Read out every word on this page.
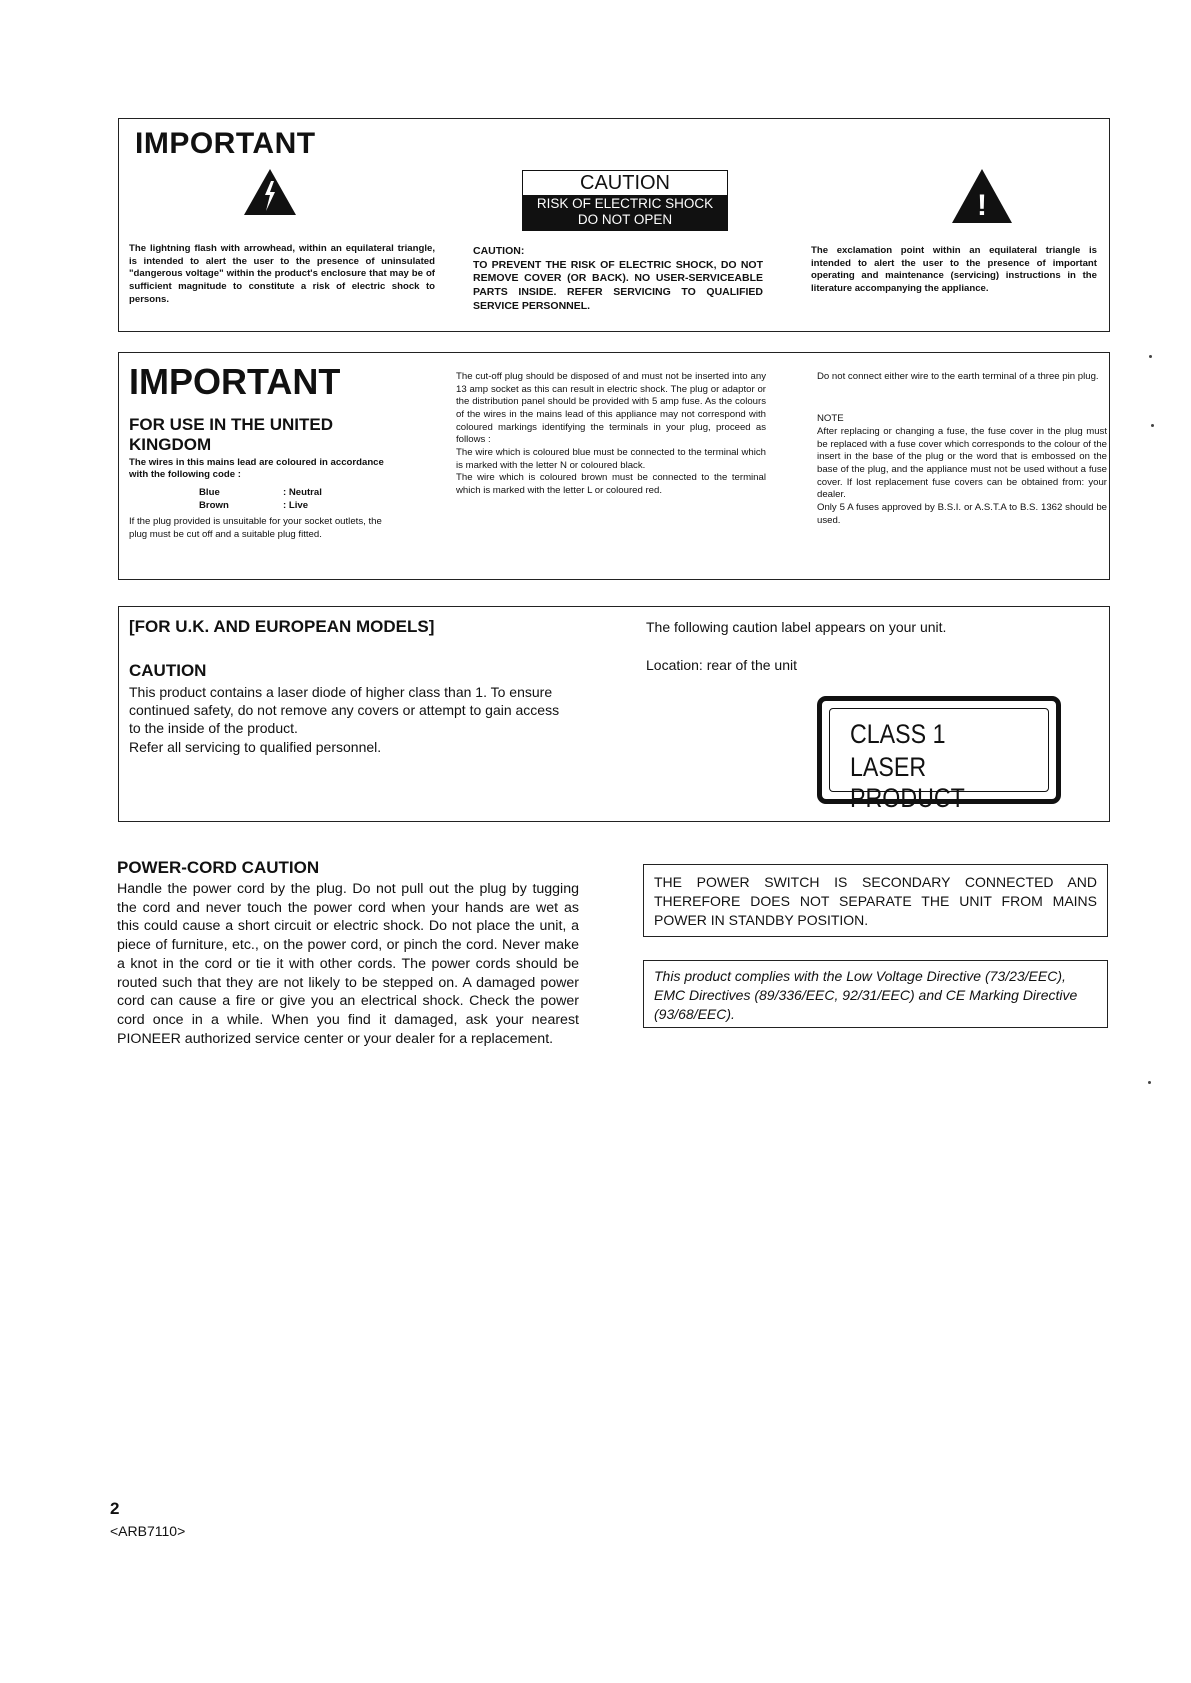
IMPORTANT
CAUTION
RISK OF ELECTRIC SHOCK
DO NOT OPEN	!
The lightning flash with arrowhead, within an equilateral triangle, is intended to alert the user to the presence of uninsulated "dangerous voltage" within the product's enclosure that may be of sufficient magnitude to constitute a risk of electric shock to persons.
CAUTION:
TO PREVENT THE RISK OF ELECTRIC SHOCK, DO NOT REMOVE COVER (OR BACK). NO USER-SERVICEABLE PARTS INSIDE. REFER SERVICING TO QUALIFIED SERVICE PERSONNEL.
The exclamation point within an equilateral triangle is intended to alert the user to the presence of important operating and maintenance (servicing) instructions in the literature accompanying the appliance.
IMPORTANT
FOR USE IN THE UNITED KINGDOM
The wires in this mains lead are coloured in accordance with the following code :
Blue	: Neutral
Brown	: Live
If the plug provided is unsuitable for your socket outlets, the plug must be cut off and a suitable plug fitted.
The cut-off plug should be disposed of and must not be inserted into any 13 amp socket as this can result in electric shock. The plug or adaptor or the distribution panel should be provided with 5 amp fuse. As the colours of the wires in the mains lead of this appliance may not correspond with coloured markings identifying the terminals in your plug, proceed as follows :
The wire which is coloured blue must be connected to the terminal which is marked with the letter N or coloured black.
The wire which is coloured brown must be connected to the terminal which is marked with the letter L or coloured red.
Do not connect either wire to the earth terminal of a three pin plug.
NOTE
After replacing or changing a fuse, the fuse cover in the plug must be replaced with a fuse cover which corresponds to the colour of the insert in the base of the plug or the word that is embossed on the base of the plug, and the appliance must not be used without a fuse cover. If lost replacement fuse covers can be obtained from: your dealer.
Only 5 A fuses approved by B.S.I. or A.S.T.A to B.S. 1362 should be used.
[FOR U.K. AND EUROPEAN MODELS]
CAUTION
This product contains a laser diode of higher class than 1. To ensure continued safety, do not remove any covers or attempt to gain access to the inside of the product.
Refer all servicing to qualified personnel.
The following caution label appears on your unit.
Location: rear of the unit
CLASS 1
LASER PRODUCT
POWER-CORD CAUTION
Handle the power cord by the plug. Do not pull out the plug by tugging the cord and never touch the power cord when your hands are wet as this could cause a short circuit or electric shock. Do not place the unit, a piece of furniture, etc., on the power cord, or pinch the cord. Never make a knot in the cord or tie it with other cords. The power cords should be routed such that they are not likely to be stepped on. A damaged power cord can cause a fire or give you an electrical shock. Check the power cord once in a while. When you find it damaged, ask your nearest PIONEER authorized service center or your dealer for a replacement.
THE POWER SWITCH IS SECONDARY CONNECTED AND THEREFORE DOES NOT SEPARATE THE UNIT FROM MAINS POWER IN STANDBY POSITION.
This product complies with the Low Voltage Directive (73/23/EEC), EMC Directives (89/336/EEC, 92/31/EEC) and CE Marking Directive (93/68/EEC).
2
<ARB7110>
